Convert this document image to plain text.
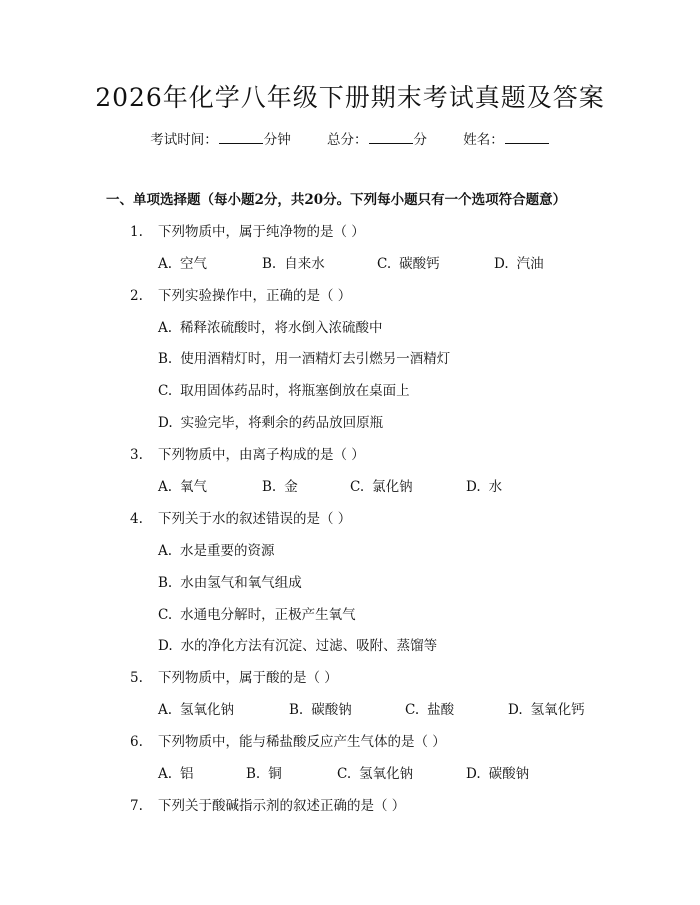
2026年化学八年级下册期末考试真题及答案
考试时间：	分钟	总分：	分	姓名：
一、单项选择题（每小题2分，共20分。下列每小题只有一个选项符合题意）
1. 下列物质中，属于纯净物的是（ ）
A. 空气	B. 自来水	C. 碳酸钙	D. 汽油
2. 下列实验操作中，正确的是（ ）
A. 稀释浓硫酸时，将水倒入浓硫酸中
B. 使用酒精灯时，用一酒精灯去引燃另一酒精灯
C. 取用固体药品时，将瓶塞倒放在桌面上
D. 实验完毕，将剩余的药品放回原瓶
3. 下列物质中，由离子构成的是（ ）
A. 氧气	B. 金	C. 氯化钠	D. 水
4. 下列关于水的叙述错误的是（ ）
A. 水是重要的资源
B. 水由氢气和氧气组成
C. 水通电分解时，正极产生氧气
D. 水的净化方法有沉淀、过滤、吸附、蒸馏等
5. 下列物质中，属于酸的是（ ）
A. 氢氧化钠	B. 碳酸钠	C. 盐酸	D. 氢氧化钙
6. 下列物质中，能与稀盐酸反应产生气体的是（ ）
A. 铝	B. 铜	C. 氢氧化钠	D. 碳酸钠
7. 下列关于酸碱指示剂的叙述正确的是（ ）
